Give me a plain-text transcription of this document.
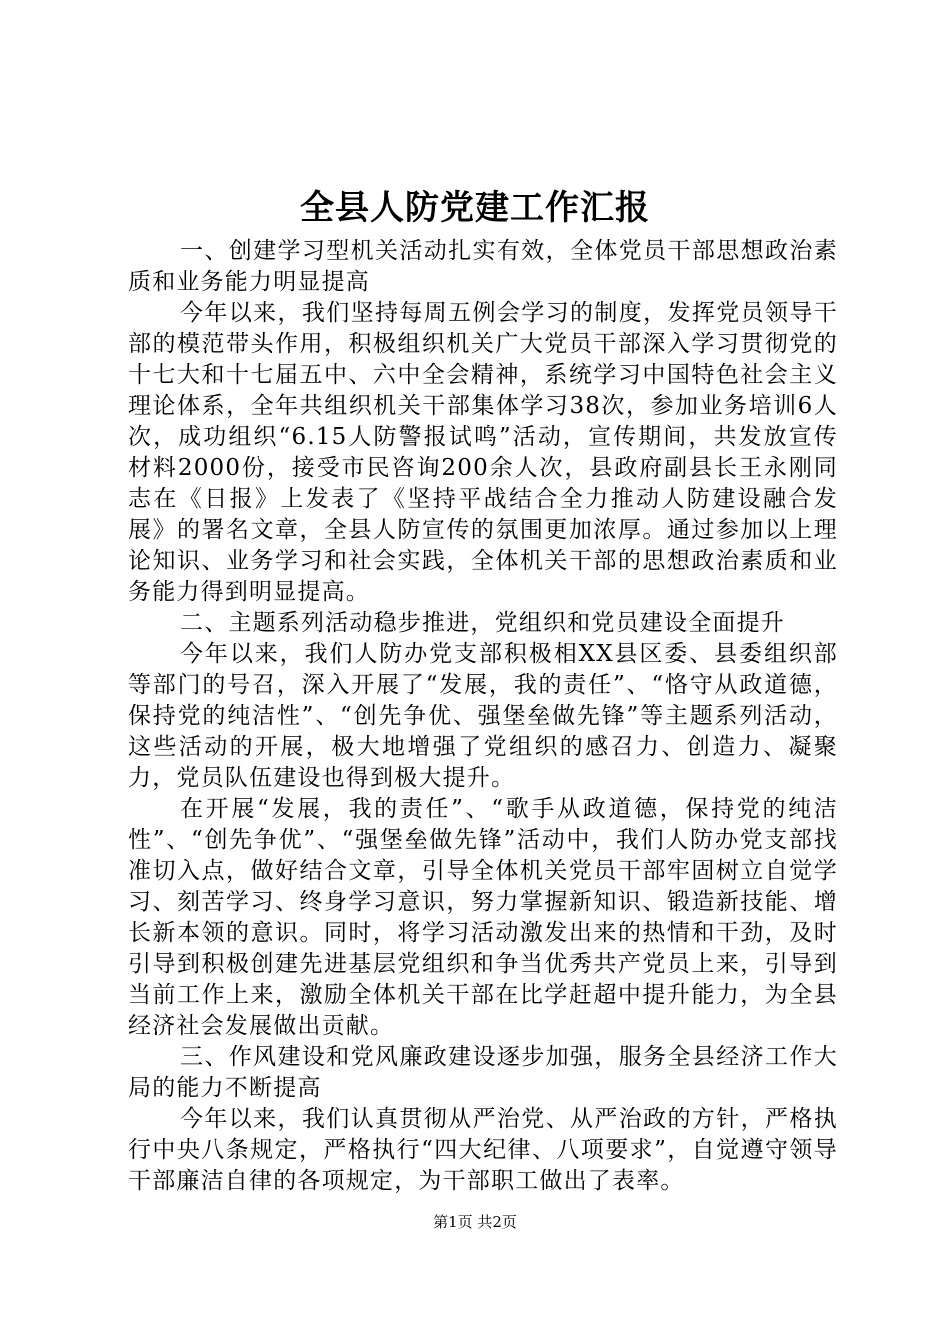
全县人防党建工作汇报

一、创建学习型机关活动扎实有效，全体党员干部思想政治素质和业务能力明显提高

今年以来，我们坚持每周五例会学习的制度，发挥党员领导干部的模范带头作用，积极组织机关广大党员干部深入学习贯彻党的十七大和十七届五中、六中全会精神，系统学习中国特色社会主义理论体系，全年共组织机关干部集体学习38次，参加业务培训6人次，成功组织“6.15人防警报试鸣”活动，宣传期间，共发放宣传材料2000份，接受市民咨询200余人次，县政府副县长王永刚同志在《日报》上发表了《坚持平战结合全力推动人防建设融合发展》的署名文章，全县人防宣传的氛围更加浓厚。通过参加以上理论知识、业务学习和社会实践，全体机关干部的思想政治素质和业务能力得到明显提高。

二、主题系列活动稳步推进，党组织和党员建设全面提升

今年以来，我们人防办党支部积极相XX县区委、县委组织部等部门的号召，深入开展了“发展，我的责任”、“恪守从政道德，保持党的纯洁性”、“创先争优、强堡垒做先锋”等主题系列活动，这些活动的开展，极大地增强了党组织的感召力、创造力、凝聚力，党员队伍建设也得到极大提升。

在开展“发展，我的责任”、“歌手从政道德，保持党的纯洁性”、“创先争优”、“强堡垒做先锋”活动中，我们人防办党支部找准切入点，做好结合文章，引导全体机关党员干部牢固树立自觉学习、刻苦学习、终身学习意识，努力掌握新知识、锻造新技能、增长新本领的意识。同时，将学习活动激发出来的热情和干劲，及时引导到积极创建先进基层党组织和争当优秀共产党员上来，引导到当前工作上来，激励全体机关干部在比学赶超中提升能力，为全县经济社会发展做出贡献。

三、作风建设和党风廉政建设逐步加强，服务全县经济工作大局的能力不断提高

今年以来，我们认真贯彻从严治党、从严治政的方针，严格执行中央八条规定，严格执行“四大纪律、八项要求”，自觉遵守领导干部廉洁自律的各项规定，为干部职工做出了表率。

第1页 共2页
